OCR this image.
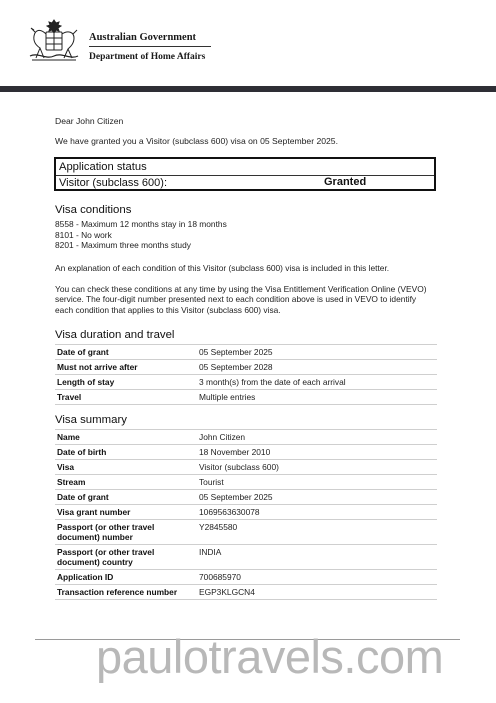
Australian Government
Department of Home Affairs
Dear John Citizen
We have granted you a Visitor (subclass 600) visa on 05 September 2025.
Application status
Visitor (subclass 600):	Granted
Visa conditions
8558 - Maximum 12 months stay in 18 months
8101 - No work
8201 - Maximum three months study
An explanation of each condition of this Visitor (subclass 600) visa is included in this letter.
You can check these conditions at any time by using the Visa Entitlement Verification Online (VEVO) service. The four-digit number presented next to each condition above is used in VEVO to identify each condition that applies to this Visitor (subclass 600) visa.
Visa duration and travel
Date of grant	05 September 2025
Must not arrive after	05 September 2028
Length of stay	3 month(s) from the date of each arrival
Travel	Multiple entries
Visa summary
Name	John Citizen
Date of birth	18 November 2010
Visa	Visitor (subclass 600)
Stream	Tourist
Date of grant	05 September 2025
Visa grant number	1069563630078
Passport (or other travel document) number	Y2845580
Passport (or other travel document) country	INDIA
Application ID	700685970
Transaction reference number	EGP3KLGCN4
paulotravels.com
